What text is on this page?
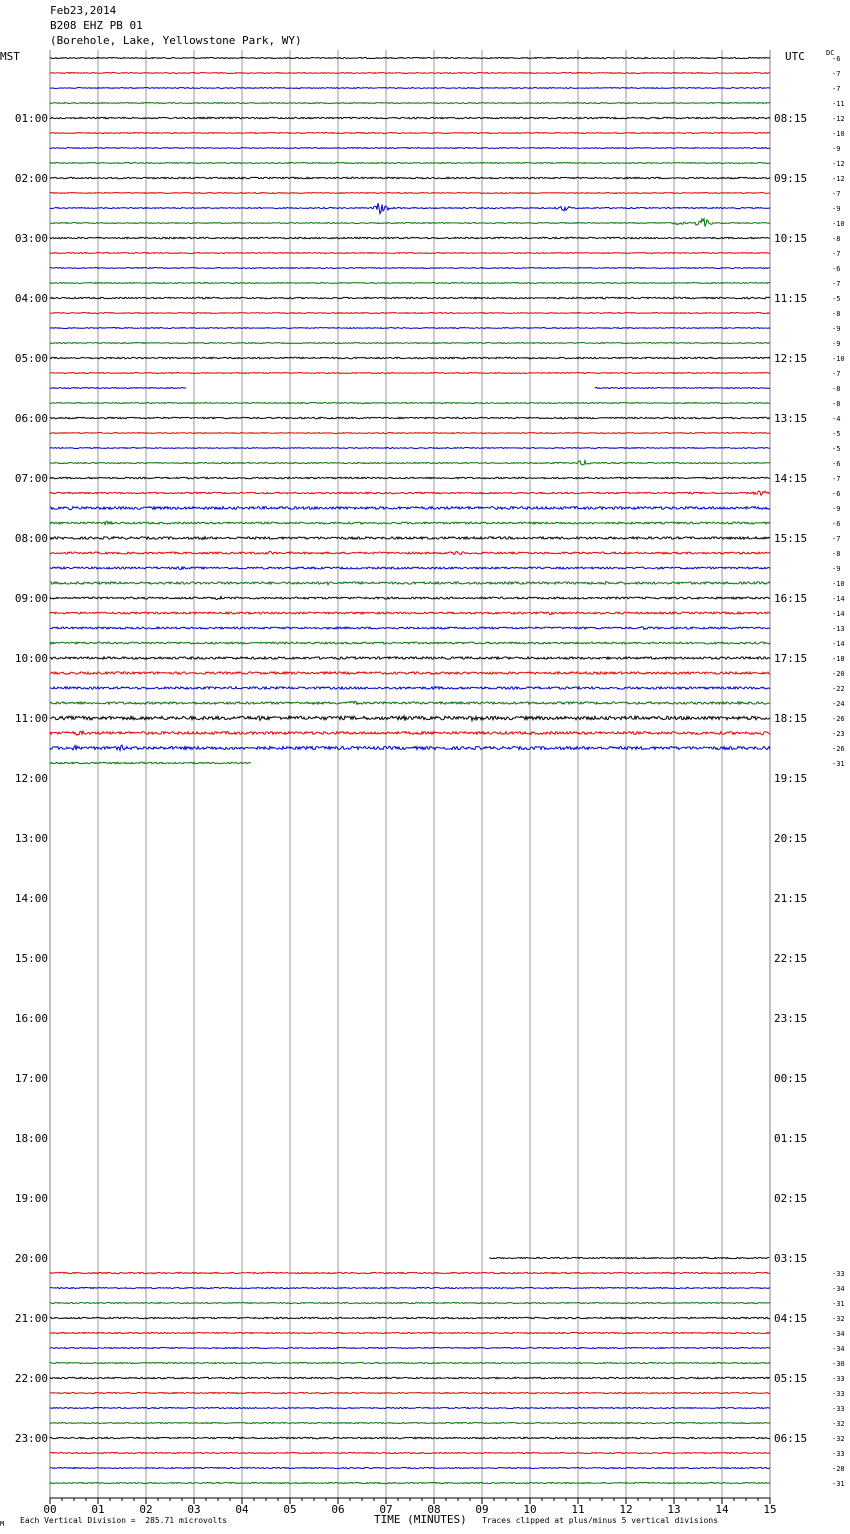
Feb23,2014
B208 EHZ PB 01
(Borehole, Lake, Yellowstone Park, WY)
MST	UTC	DC
00	01	02	03	04	05	06	07	08	09	10	11	12	13	14	15
01:00
02:00
03:00
04:00
05:00
06:00
07:00
08:00
09:00
10:00
11:00
12:00
13:00
14:00
15:00
16:00
17:00
18:00
19:00
20:00
21:00
22:00
23:00
08:15
09:15
10:15
11:15
12:15
13:15
14:15
15:15
16:15
17:15
18:15
19:15
20:15
21:15
22:15
23:15
00:15
01:15
02:15
03:15
04:15
05:15
06:15
-6
-7
-7
-11
-12
-10
-9
-12
-12
-7
-9
-10
-8
-7
-6
-7
-5
-8
-9
-9
-10
-7
-8
-8
-4
-5
-5
-6
-7
-6
-9
-6
-7
-8
-9
-10
-14
-14
-13
-14
-18
-20
-22
-24
-26
-23
-26
-31
-33
-34
-31
-32
-34
-34
-30
-33
-33
-33
-32
-32
-33
-28
-31
M Each Vertical Division =  285.71 microvolts	TIME (MINUTES) Traces clipped at plus/minus 5 vertical divisions
